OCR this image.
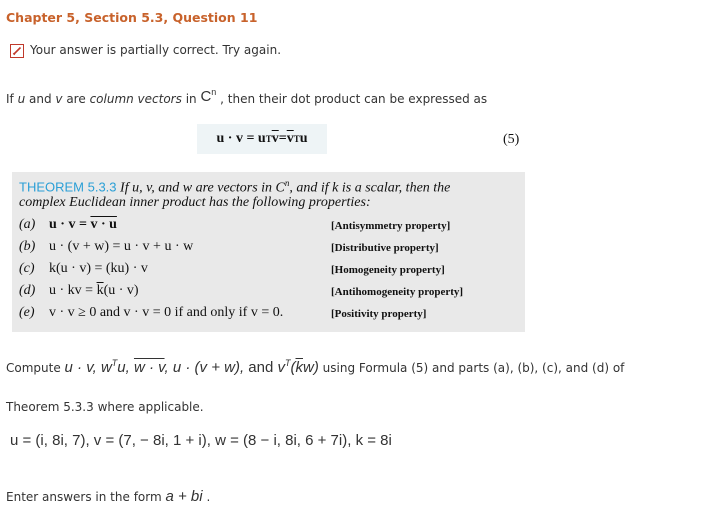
Chapter 5, Section 5.3, Question 11
Your answer is partially correct. Try again.
If u and v are column vectors in $C^n$ , then their dot product can be expressed as
u · v = u T $\overline{v} = \overline{v}$ T u	(5)
THEOREM 5.3.3 If u, v, and w are vectors in $C^n$, and if k is a scalar, then the
complex Euclidean inner product has the following properties:
(a) u · v = v · u	[Antisymmetry property]
(b) u · (v + w) = u · v + u · w	[Distributive property]
(c) k(u · v) = (ku) · v	[Homogeneity property]
(d) u · kv = $\overline{k}(u \cdot v)$	[Antihomogeneity property]
(e) v · v ≥ 0 and v · v = 0 if and only if v = 0.	[Positivity property]
Compute u · v, $w^Tu$, w · v, u · (v + w), and $v^T(\overline{k}w)$ using Formula (5) and parts (a), (b), (c), and (d) of
Theorem 5.3.3 where applicable.
u = (i, 8i, 7), v = (7, − 8i, 1 + i), w = (8 − i, 8i, 6 + 7i), k = 8i
Enter answers in the form a + bi .
